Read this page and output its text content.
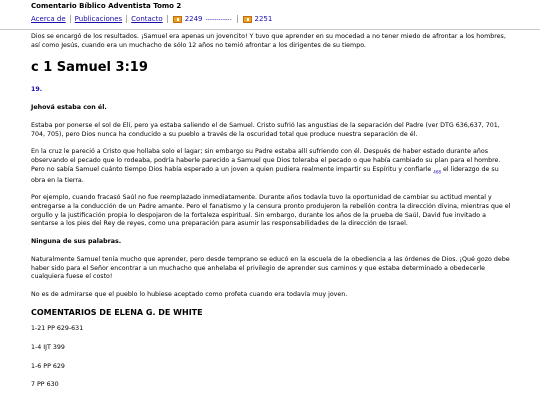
Comentario Bíblico Adventista Tomo 2
Acerca de	Publicaciones	Contacto	2249 ------------	2251

Dios se encargó de los resultados. ¡Samuel era apenas un jovencito! Y tuvo que aprender en su mocedad a no tener miedo de afrontar a los hombres, así como Jesús, cuando era un muchacho de sólo 12 años no temió afrontar a los dirigentes de su tiempo.

c 1 Samuel 3:19

19.

Jehová estaba con él.

Estaba por ponerse el sol de Elí, pero ya estaba saliendo el de Samuel. Cristo sufrió las angustias de la separación del Padre (ver DTG 636,637, 701, 704, 705), pero Dios nunca ha conducido a su pueblo a través de la oscuridad total que produce nuestra separación de él.

En la cruz le pareció a Cristo que hollaba solo el lagar; sin embargo su Padre estaba allí sufriendo con él. Después de haber estado durante años observando el pecado que lo rodeaba, podría haberle parecido a Samuel que Dios toleraba el pecado o que había cambiado su plan para el hombre. Pero no sabía Samuel cuánto tiempo Dios había esperado a un joven a quien pudiera realmente impartir su Espíritu y confiarle $_{468}$ el liderazgo de su obra en la tierra.

Por ejemplo, cuando fracasó Saúl no fue reemplazado inmediatamente. Durante años todavía tuvo la oportunidad de cambiar su actitud mental y entregarse a la conducción de un Padre amante. Pero el fanatismo y la censura pronto produjeron la rebelión contra la dirección divina, mientras que el orgullo y la justificación propia lo despojaron de la fortaleza espiritual. Sin embargo, durante los años de la prueba de Saúl, David fue invitado a sentarse a los pies del Rey de reyes, como una preparación para asumir las responsabilidades de la dirección de Israel.

Ninguna de sus palabras.

Naturalmente Samuel tenía mucho que aprender, pero desde temprano se educó en la escuela de la obediencia a las órdenes de Dios. ¡Qué gozo debe haber sido para el Señor encontrar a un muchacho que anhelaba el privilegio de aprender sus caminos y que estaba determinado a obedecerle cualquiera fuese el costo!

No es de admirarse que el pueblo lo hubiese aceptado como profeta cuando era todavía muy joven.

COMENTARIOS DE ELENA G. DE WHITE

1-21 PP 629-631

1-4 IJT 399

1-6 PP 629

7 PP 630
